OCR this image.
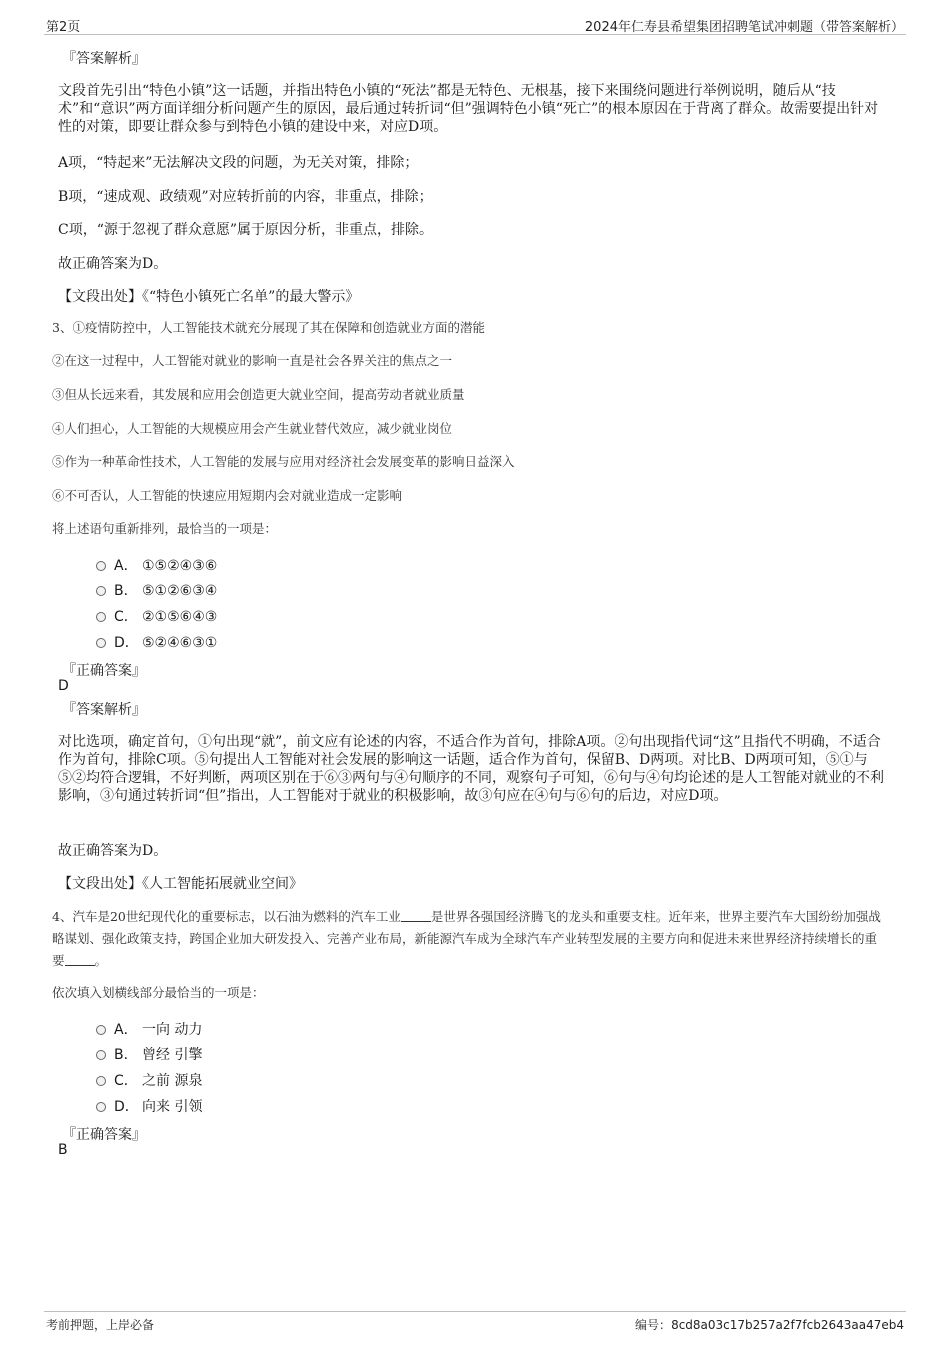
第2页	2024年仁寿县希望集团招聘笔试冲刺题（带答案解析）
『答案解析』

文段首先引出“特色小镇”这一话题，并指出特色小镇的“死法”都是无特色、无根基，接下来围绕问题进行举例说明，随后从“技术”和“意识”两方面详细分析问题产生的原因，最后通过转折词“但”强调特色小镇“死亡”的根本原因在于背离了群众。故需要提出针对性的对策，即要让群众参与到特色小镇的建设中来，对应D项。

A项，“特起来”无法解决文段的问题，为无关对策，排除；
B项，“速成观、政绩观”对应转折前的内容，非重点，排除；
C项，“源于忽视了群众意愿”属于原因分析，非重点，排除。
故正确答案为D。
【文段出处】《“特色小镇死亡名单”的最大警示》
3、①疫情防控中，人工智能技术就充分展现了其在保障和创造就业方面的潜能
②在这一过程中，人工智能对就业的影响一直是社会各界关注的焦点之一
③但从长远来看，其发展和应用会创造更大就业空间，提高劳动者就业质量
④人们担心，人工智能的大规模应用会产生就业替代效应，减少就业岗位
⑤作为一种革命性技术，人工智能的发展与应用对经济社会发展变革的影响日益深入
⑥不可否认，人工智能的快速应用短期内会对就业造成一定影响
将上述语句重新排列，最恰当的一项是：
A． ①⑤②④③⑥
B． ⑤①②⑥③④
C． ②①⑤⑥④③
D． ⑤②④⑥③①
『正确答案』
D
『答案解析』

对比选项，确定首句，①句出现“就”，前文应有论述的内容，不适合作为首句，排除A项。②句出现指代词“这”且指代不明确，不适合作为首句，排除C项。⑤句提出人工智能对社会发展的影响这一话题，适合作为首句，保留B、D两项。对比B、D两项可知，⑤①与⑤②均符合逻辑，不好判断，两项区别在于⑥③两句与④句顺序的不同，观察句子可知，⑥句与④句均论述的是人工智能对就业的不利影响，③句通过转折词“但”指出，人工智能对于就业的积极影响，故③句应在④句与⑥句的后边，对应D项。

故正确答案为D。
【文段出处】《人工智能拓展就业空间》
4、汽车是20世纪现代化的重要标志，以石油为燃料的汽车工业 是世界各强国经济腾飞的龙头和重要支柱。近年来，世界主要汽车大国纷纷加强战略谋划、强化政策支持，跨国企业加大研发投入、完善产业布局，新能源汽车成为全球汽车产业转型发展的主要方向和促进未来世界经济持续增长的重要 。
依次填入划横线部分最恰当的一项是：
A． 一向 动力
B． 曾经 引擎
C． 之前 源泉
D． 向来 引领
『正确答案』
B
考前押题，上岸必备	编号：8cd8a03c17b257a2f7fcb2643aa47eb4
